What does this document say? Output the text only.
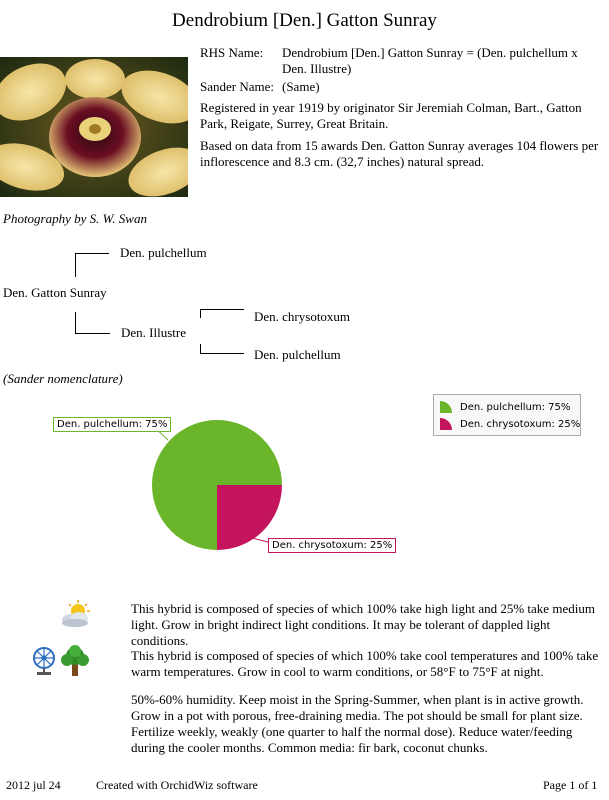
Dendrobium [Den.] Gatton Sunray
Photography by S. W. Swan
RHS Name: Dendrobium [Den.] Gatton Sunray = (Den. pulchellum x Den. Illustre)
Sander Name: (Same)
Registered in year 1919 by originator Sir Jeremiah Colman, Bart., Gatton Park, Reigate, Surrey, Great Britain.
Based on data from 15 awards Den. Gatton Sunray averages 104 flowers per inflorescence and 8.3 cm. (32,7 inches) natural spread.
Den. pulchellum
Den. Gatton Sunray
Den. Illustre
Den. chrysotoxum
Den. pulchellum
(Sander nomenclature)
Den. pulchellum: 75%
Den. chrysotoxum: 25%
Den. pulchellum: 75%
Den. chrysotoxum: 25%
This hybrid is composed of species of which 100% take high light and 25% take medium light. Grow in bright indirect light conditions. It may be tolerant of dappled light conditions.
This hybrid is composed of species of which 100% take cool temperatures and 100% take warm temperatures. Grow in cool to warm conditions, or 58°F to 75°F at night.
50%-60% humidity. Keep moist in the Spring-Summer, when plant is in active growth. Grow in a pot with porous, free-draining media. The pot should be small for plant size. Fertilize weekly, weakly (one quarter to half the normal dose). Reduce water/feeding during the cooler months. Common media: fir bark, coconut chunks.
2012 jul 24	Created with OrchidWiz software	Page 1 of 1
